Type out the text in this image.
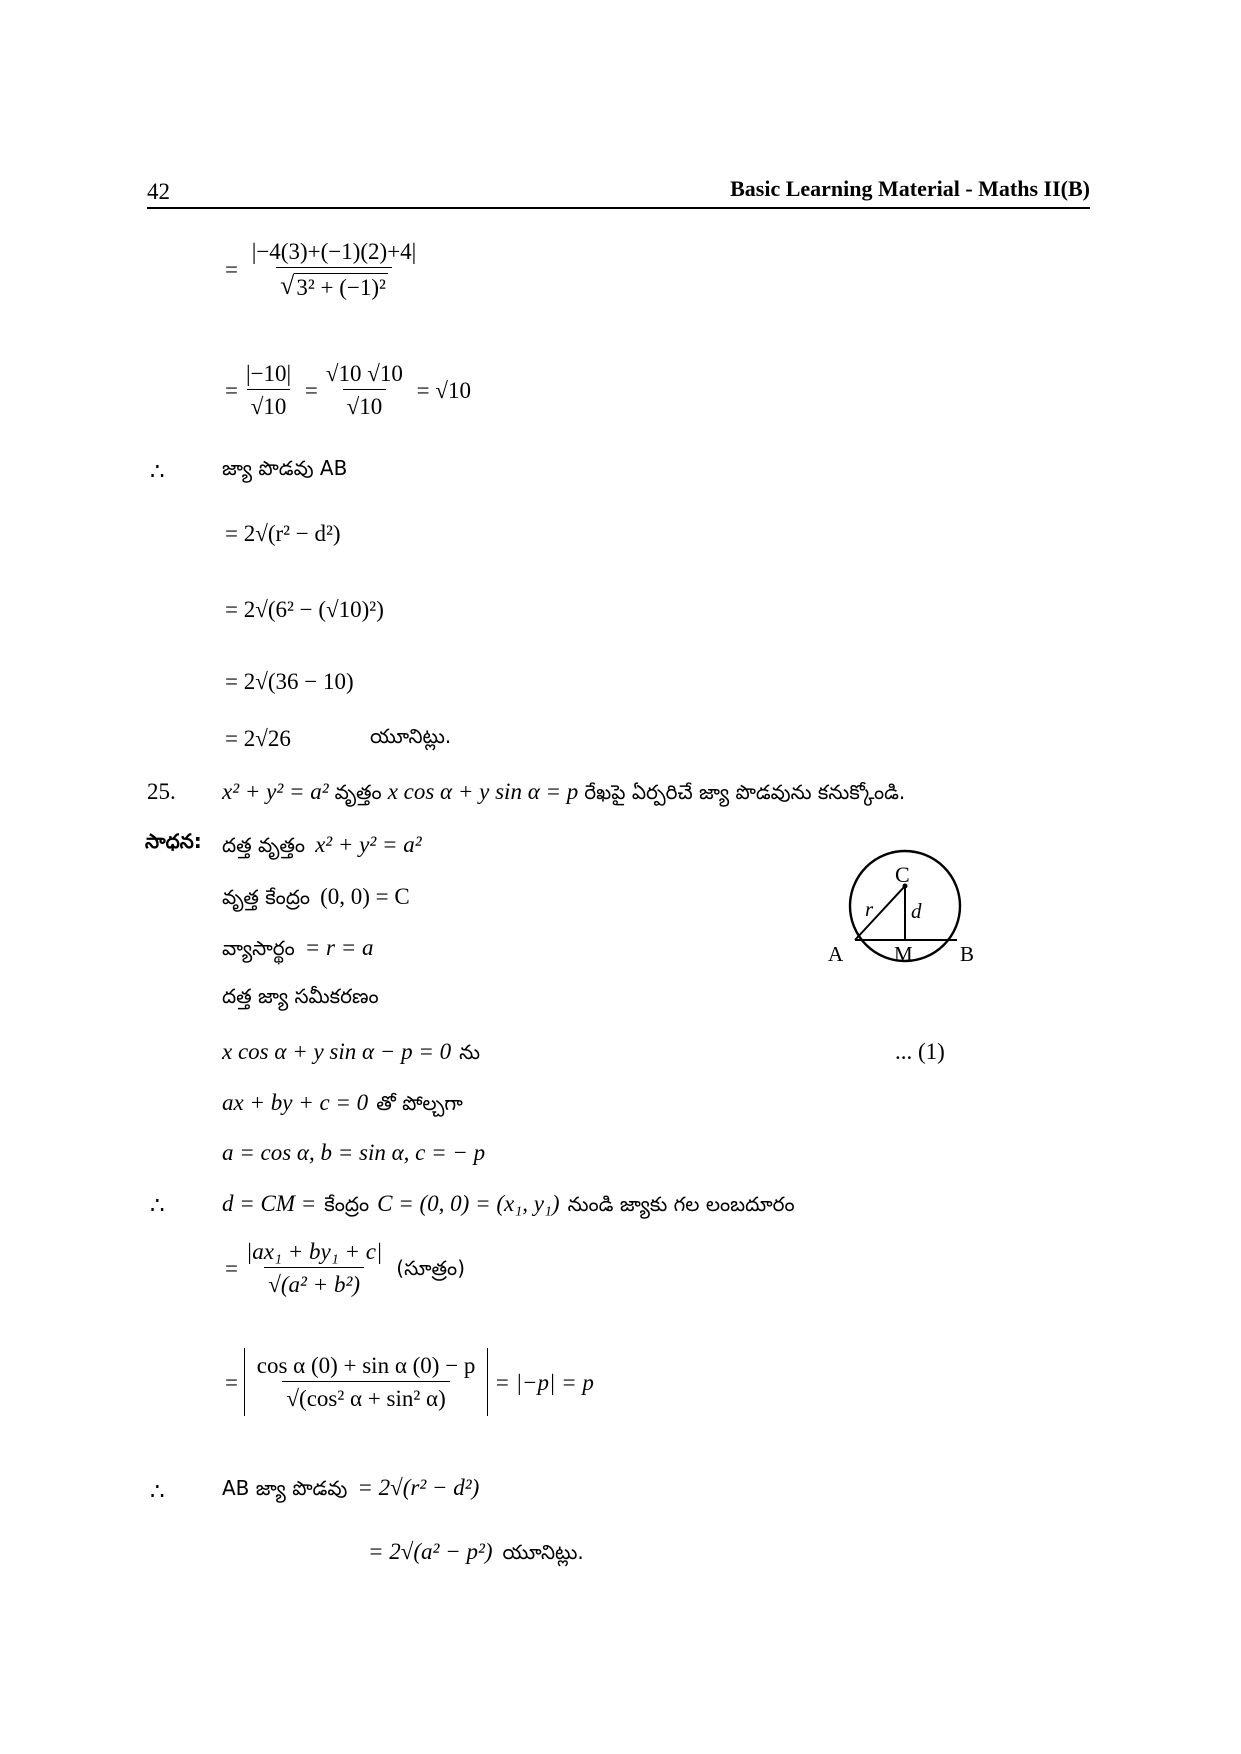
42	Basic Learning Material - Maths II(B)
= $\frac{|-4(3)+(-1)(2)+4|}{\text{√ 3² + (−1)²}}$
= $\frac{|-10|}{√10} = \frac{√10 √10}{√10} = √10$
∴	జ్యా పొడవు AB
= 2√(r² − d²)
= 2√(6² − (√10)²)
= 2√(36 − 10)
= 2√26	యూనిట్లు.
25. x² + y² = a² వృత్తం x cos α + y sin α = p రేఖపై ఏర్పరిచే జ్యా పొడవును కనుక్కోండి.
సాధన: దత్త వృత్తం x² + y² = a²
వృత్త కేంద్రం (0, 0) = C
వ్యాసార్థం = r = a
దత్త జ్యా సమీకరణం
x cos α + y sin α − p = 0 ను	... (1)
ax + by + c = 0 తో పోల్చగా
a = cos α, b = sin α, c = − p
∴ d = CM = కేంద్రం C = (0, 0) = (x₁, y₁) నుండి జ్యాకు గల లంబదూరం
= $\frac{\text{|ax₁ + by₁ + c|}}{\text{√(a² + b²)}}$ (సూత్రం)
= $\frac{\text{cos α (0) + sin α (0) − p}}{\text{√(cos² α + sin² α)}} = |-p| = p$
∴	AB జ్యా పొడవు = 2√(r² − d²)
= 2√(a² − p²) యూనిట్లు.
C
r d
A M B
